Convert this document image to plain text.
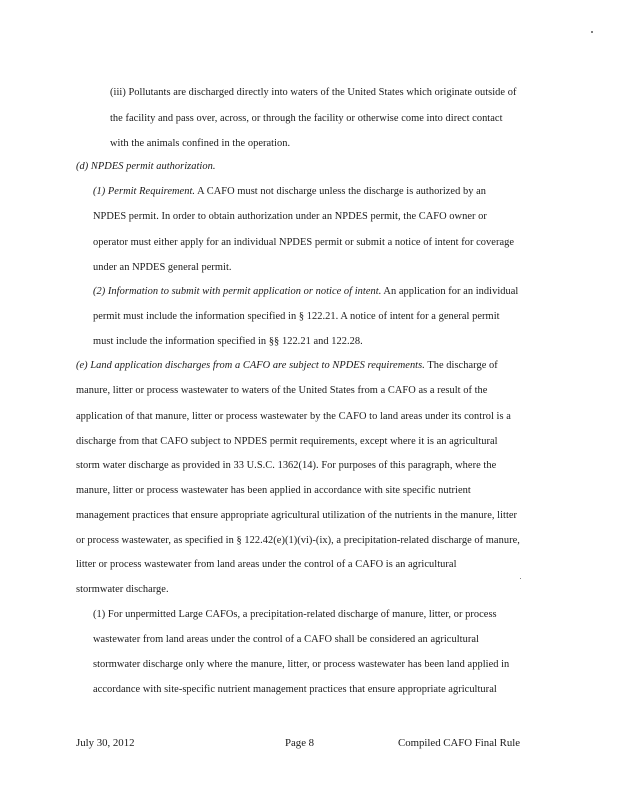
(iii) Pollutants are discharged directly into waters of the United States which originate outside of
the facility and pass over, across, or through the facility or otherwise come into direct contact
with the animals confined in the operation.
(d) NPDES permit authorization.
(1) Permit Requirement. A CAFO must not discharge unless the discharge is authorized by an
NPDES permit. In order to obtain authorization under an NPDES permit, the CAFO owner or
operator must either apply for an individual NPDES permit or submit a notice of intent for coverage
under an NPDES general permit.
(2) Information to submit with permit application or notice of intent. An application for an individual
permit must include the information specified in § 122.21. A notice of intent for a general permit
must include the information specified in §§ 122.21 and 122.28.
(e) Land application discharges from a CAFO are subject to NPDES requirements. The discharge of
manure, litter or process wastewater to waters of the United States from a CAFO as a result of the
application of that manure, litter or process wastewater by the CAFO to land areas under its control is a
discharge from that CAFO subject to NPDES permit requirements, except where it is an agricultural
storm water discharge as provided in 33 U.S.C. 1362(14). For purposes of this paragraph, where the
manure, litter or process wastewater has been applied in accordance with site specific nutrient
management practices that ensure appropriate agricultural utilization of the nutrients in the manure, litter
or process wastewater, as specified in § 122.42(e)(1)(vi)-(ix), a precipitation-related discharge of manure,
litter or process wastewater from land areas under the control of a CAFO is an agricultural
stormwater discharge.
(1) For unpermitted Large CAFOs, a precipitation-related discharge of manure, litter, or process
wastewater from land areas under the control of a CAFO shall be considered an agricultural
stormwater discharge only where the manure, litter, or process wastewater has been land applied in
accordance with site-specific nutrient management practices that ensure appropriate agricultural
July 30, 2012	Page 8	Compiled CAFO Final Rule
